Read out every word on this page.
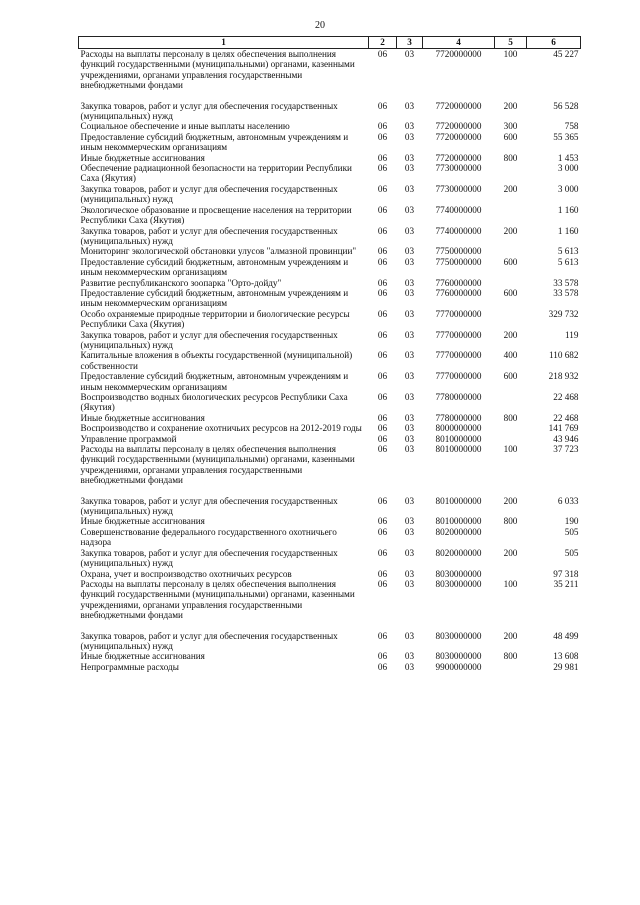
20
1	2	3	4	5	6
Расходы на выплаты персоналу в целях обеспечения выполнения функций государственными (муниципальными) органами, казенными учреждениями, органами управления государственными внебюджетными фондами	06	03	7720000000	100	45 227

Закупка товаров, работ и услуг для обеспечения государственных (муниципальных) нужд	06	03	7720000000	200	56 528
Социальное обеспечение и иные выплаты населению	06	03	7720000000	300	758
Предоставление субсидий бюджетным, автономным учреждениям и иным некоммерческим организациям	06	03	7720000000	600	55 365
Иные бюджетные ассигнования	06	03	7720000000	800	1 453
Обеспечение радиационной безопасности на территории Республики Саха (Якутия)	06	03	7730000000		3 000
Закупка товаров, работ и услуг для обеспечения государственных (муниципальных) нужд	06	03	7730000000	200	3 000
Экологическое образование и просвещение населения на территории Республики Саха (Якутия)	06	03	7740000000		1 160
Закупка товаров, работ и услуг для обеспечения государственных (муниципальных) нужд	06	03	7740000000	200	1 160
Мониторинг экологической обстановки улусов "алмазной провинции"	06	03	7750000000		5 613
Предоставление субсидий бюджетным, автономным учреждениям и иным некоммерческим организациям	06	03	7750000000	600	5 613
Развитие республиканского зоопарка "Орто-дойду"	06	03	7760000000		33 578
Предоставление субсидий бюджетным, автономным учреждениям и иным некоммерческим организациям	06	03	7760000000	600	33 578
Особо охраняемые природные территории и биологические ресурсы Республики Саха (Якутия)	06	03	7770000000		329 732
Закупка товаров, работ и услуг для обеспечения государственных (муниципальных) нужд	06	03	7770000000	200	119
Капитальные вложения в объекты государственной (муниципальной) собственности	06	03	7770000000	400	110 682
Предоставление субсидий бюджетным, автономным учреждениям и иным некоммерческим организациям	06	03	7770000000	600	218 932
Воспроизводство водных биологических ресурсов Республики Саха (Якутия)	06	03	7780000000		22 468
Иные бюджетные ассигнования	06	03	7780000000	800	22 468
Воспроизводство и сохранение охотничьих ресурсов на 2012-2019 годы	06	03	8000000000		141 769
Управление программой	06	03	8010000000		43 946
Расходы на выплаты персоналу в целях обеспечения выполнения функций государственными (муниципальными) органами, казенными учреждениями, органами управления государственными внебюджетными фондами	06	03	8010000000	100	37 723

Закупка товаров, работ и услуг для обеспечения государственных (муниципальных) нужд	06	03	8010000000	200	6 033
Иные бюджетные ассигнования	06	03	8010000000	800	190
Совершенствование федерального государственного охотничьего надзора	06	03	8020000000		505
Закупка товаров, работ и услуг для обеспечения государственных (муниципальных) нужд	06	03	8020000000	200	505
Охрана, учет и воспроизводство охотничьих ресурсов	06	03	8030000000		97 318
Расходы на выплаты персоналу в целях обеспечения выполнения функций государственными (муниципальными) органами, казенными учреждениями, органами управления государственными внебюджетными фондами	06	03	8030000000	100	35 211

Закупка товаров, работ и услуг для обеспечения государственных (муниципальных) нужд	06	03	8030000000	200	48 499
Иные бюджетные ассигнования	06	03	8030000000	800	13 608
Непрограммные расходы	06	03	9900000000		29 981
